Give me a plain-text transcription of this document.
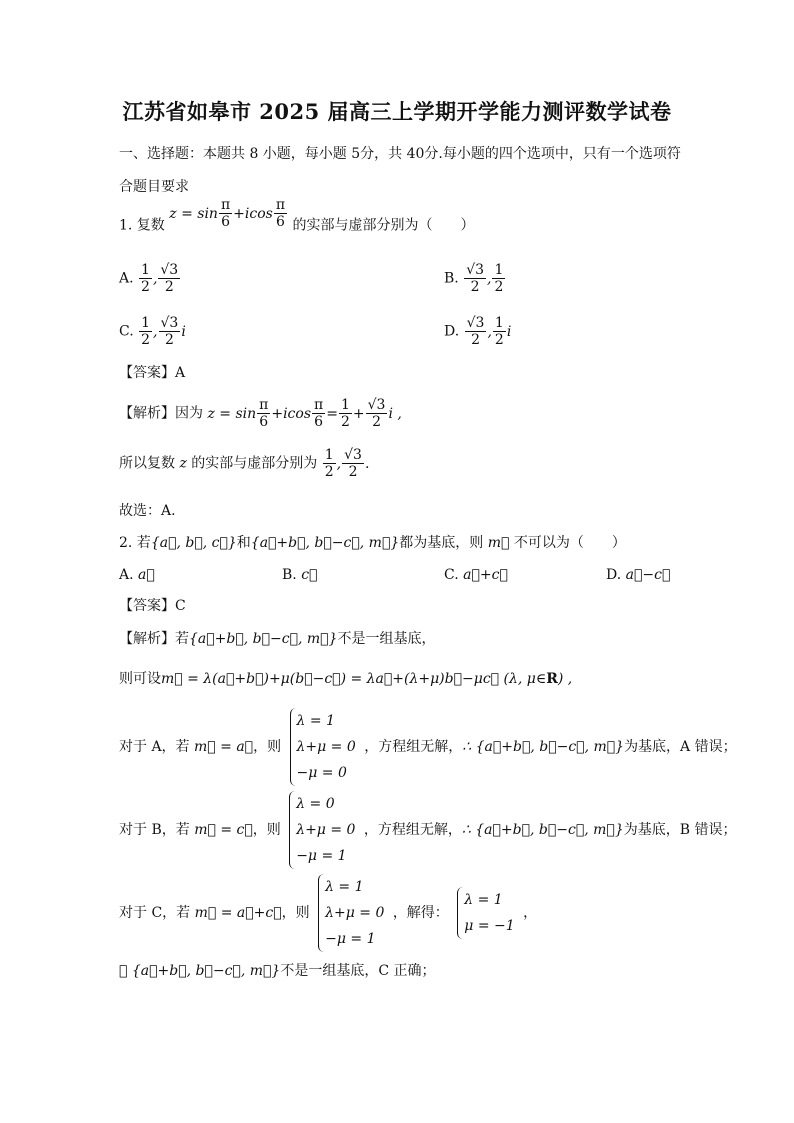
江苏省如皋市 2025 届高三上学期开学能力测评数学试卷
一、选择题：本题共 8 小题，每小题 5分，共 40分.每小题的四个选项中，只有一个选项符
合题目要求
1. 复数 $z = \sin \frac{\pi}{6} +icos \frac{\pi}{6}$ 的实部与虚部分别为（　　）
A. $\frac{1}{2}$ , $\frac{√3}{2}$	B. $\frac{√3}{2}$ , $\frac{1}{2}$
C. $\frac{1}{2}$ , $\frac{√3}{2}$ i	D. $\frac{√3}{2}$ , $\frac{1}{2}$ i
【答案】A
【解析】因为 $z = \sin \frac{\pi}{6} +icos \frac{\pi}{6} = \frac{1}{2} + \frac{√3}{2}$ i ,
所以复数 z 的实部与虚部分别为 $\frac{1}{2}$ , $\frac{√3}{2}$ .
故选：A.
2. 若{a⃗, b⃗, c⃗}和{a⃗+b⃗, b⃗−c⃗, m⃗}都为基底，则 m⃗ 不可以为（　　）
A. a⃗	B. c⃗	C. a⃗+c⃗	D. a⃗−c⃗
【答案】C
【解析】若{a⃗+b⃗, b⃗−c⃗, m⃗}不是一组基底，
则可设m⃗ = λ(a⃗+b⃗)+μ(b⃗−c⃗) = λa⃗+(λ+μ)b⃗−μc⃗ (λ, μ∈R) ,
对于 A，若 m⃗ = a⃗，则
λ = 1
λ+μ = 0
−μ = 0
，方程组无解，∴ {a⃗+b⃗, b⃗−c⃗, m⃗}为基底，A 错误；
对于 B，若 m⃗ = c⃗，则
λ = 0
λ+μ = 0
−μ = 1
，方程组无解，∴ {a⃗+b⃗, b⃗−c⃗, m⃗}为基底，B 错误；
对于 C，若 m⃗ = a⃗+c⃗，则
λ = 1
λ+μ = 0
−μ = 1
，解得：
λ = 1
μ = −1
，
∴ {a⃗+b⃗, b⃗−c⃗, m⃗}不是一组基底，C 正确；
